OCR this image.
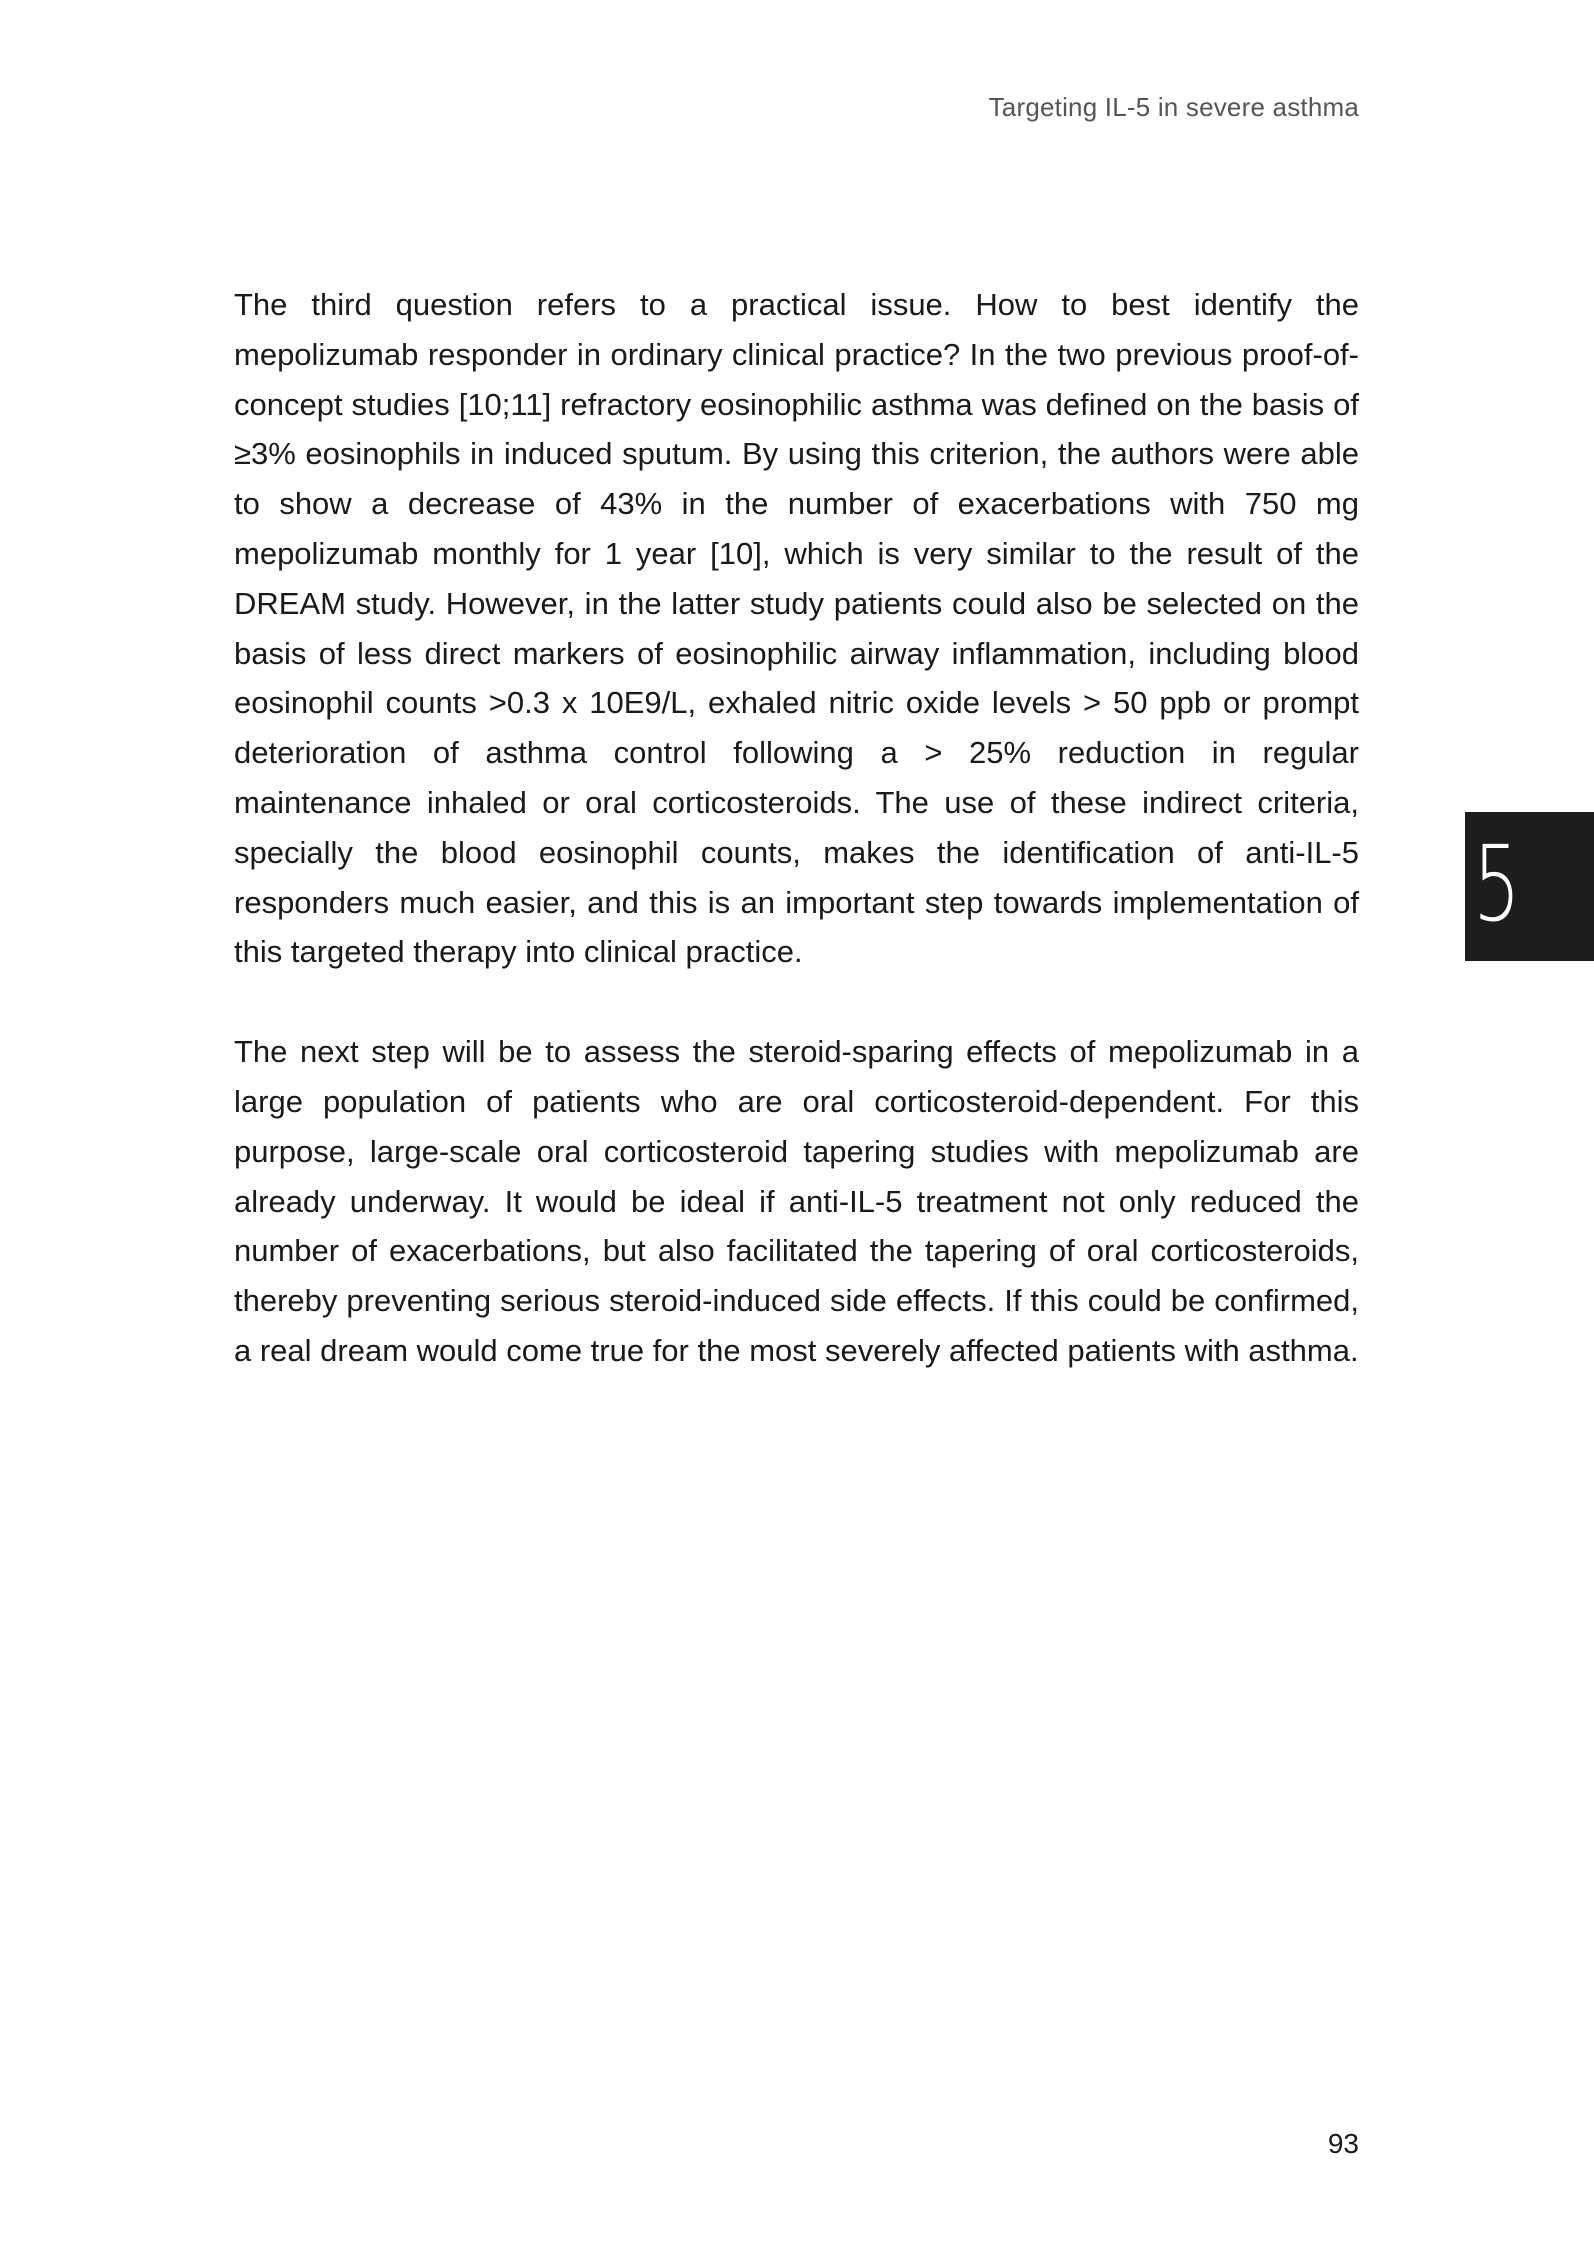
Targeting IL-5 in severe asthma

The third question refers to a practical issue. How to best identify the mepolizumab responder in ordinary clinical practice? In the two previous proof-of-concept studies [10;11] refractory eosinophilic asthma was defined on the basis of ≥3% eosinophils in induced sputum. By using this criterion, the authors were able to show a decrease of 43% in the number of exacerbations with 750 mg mepolizumab monthly for 1 year [10], which is very similar to the result of the DREAM study. However, in the latter study patients could also be selected on the basis of less direct markers of eosinophilic airway inflammation, including blood eosinophil counts >0.3 x 10E9/L, exhaled nitric oxide levels > 50 ppb or prompt deterioration of asthma control following a > 25% reduction in regular maintenance inhaled or oral corticosteroids. The use of these indirect criteria, specially the blood eosinophil counts, makes the identification of anti-IL-5 responders much easier, and this is an important step towards implementation of this targeted therapy into clinical practice.

The next step will be to assess the steroid-sparing effects of mepolizumab in a large population of patients who are oral corticosteroid-dependent. For this purpose, large-scale oral corticosteroid tapering studies with mepolizumab are already underway. It would be ideal if anti-IL-5 treatment not only reduced the number of exacerbations, but also facilitated the tapering of oral corticosteroids, thereby preventing serious steroid-induced side effects. If this could be confirmed, a real dream would come true for the most severely affected patients with asthma.

5
93
